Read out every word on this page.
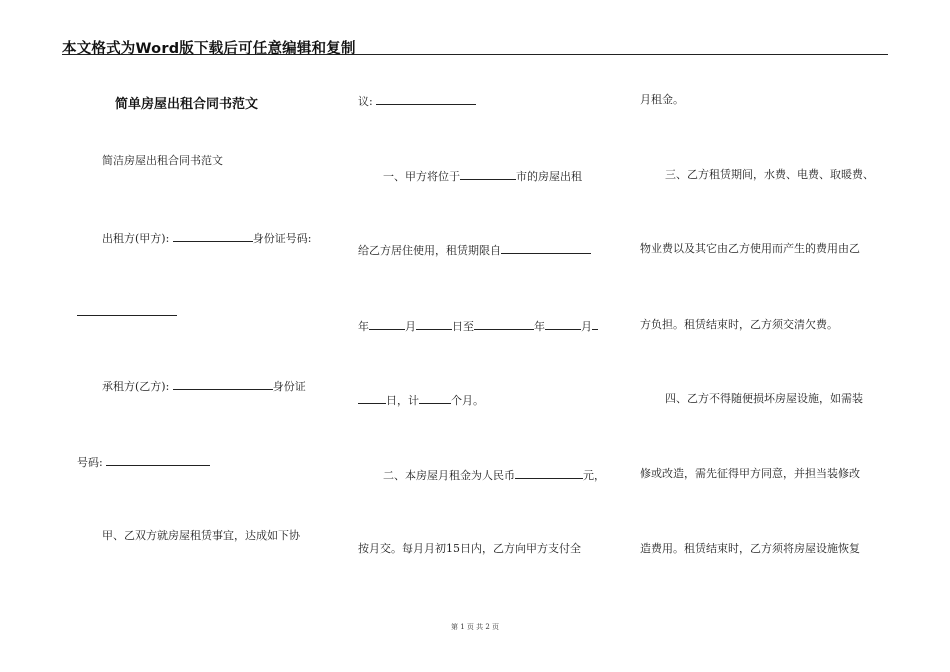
本文格式为Word版下载后可任意编辑和复制
简单房屋出租合同书范文
简洁房屋出租合同书范文
出租方(甲方):	身份证号码:
承租方(乙方):	身份证
号码:
甲、乙双方就房屋租赁事宜，达成如下协
议:
一、甲方将位于	市的房屋出租
给乙方居住使用，租赁期限自
年	月	日至	年	月
日，计	个月。
二、本房屋月租金为人民币	元，
按月交。每月月初15日内，乙方向甲方支付全
月租金。
三、乙方租赁期间，水费、电费、取暖费、
物业费以及其它由乙方使用而产生的费用由乙
方负担。租赁结束时，乙方须交清欠费。
四、乙方不得随便损坏房屋设施，如需装
修或改造，需先征得甲方同意，并担当装修改
造费用。租赁结束时，乙方须将房屋设施恢复
第 1 页 共 2 页
